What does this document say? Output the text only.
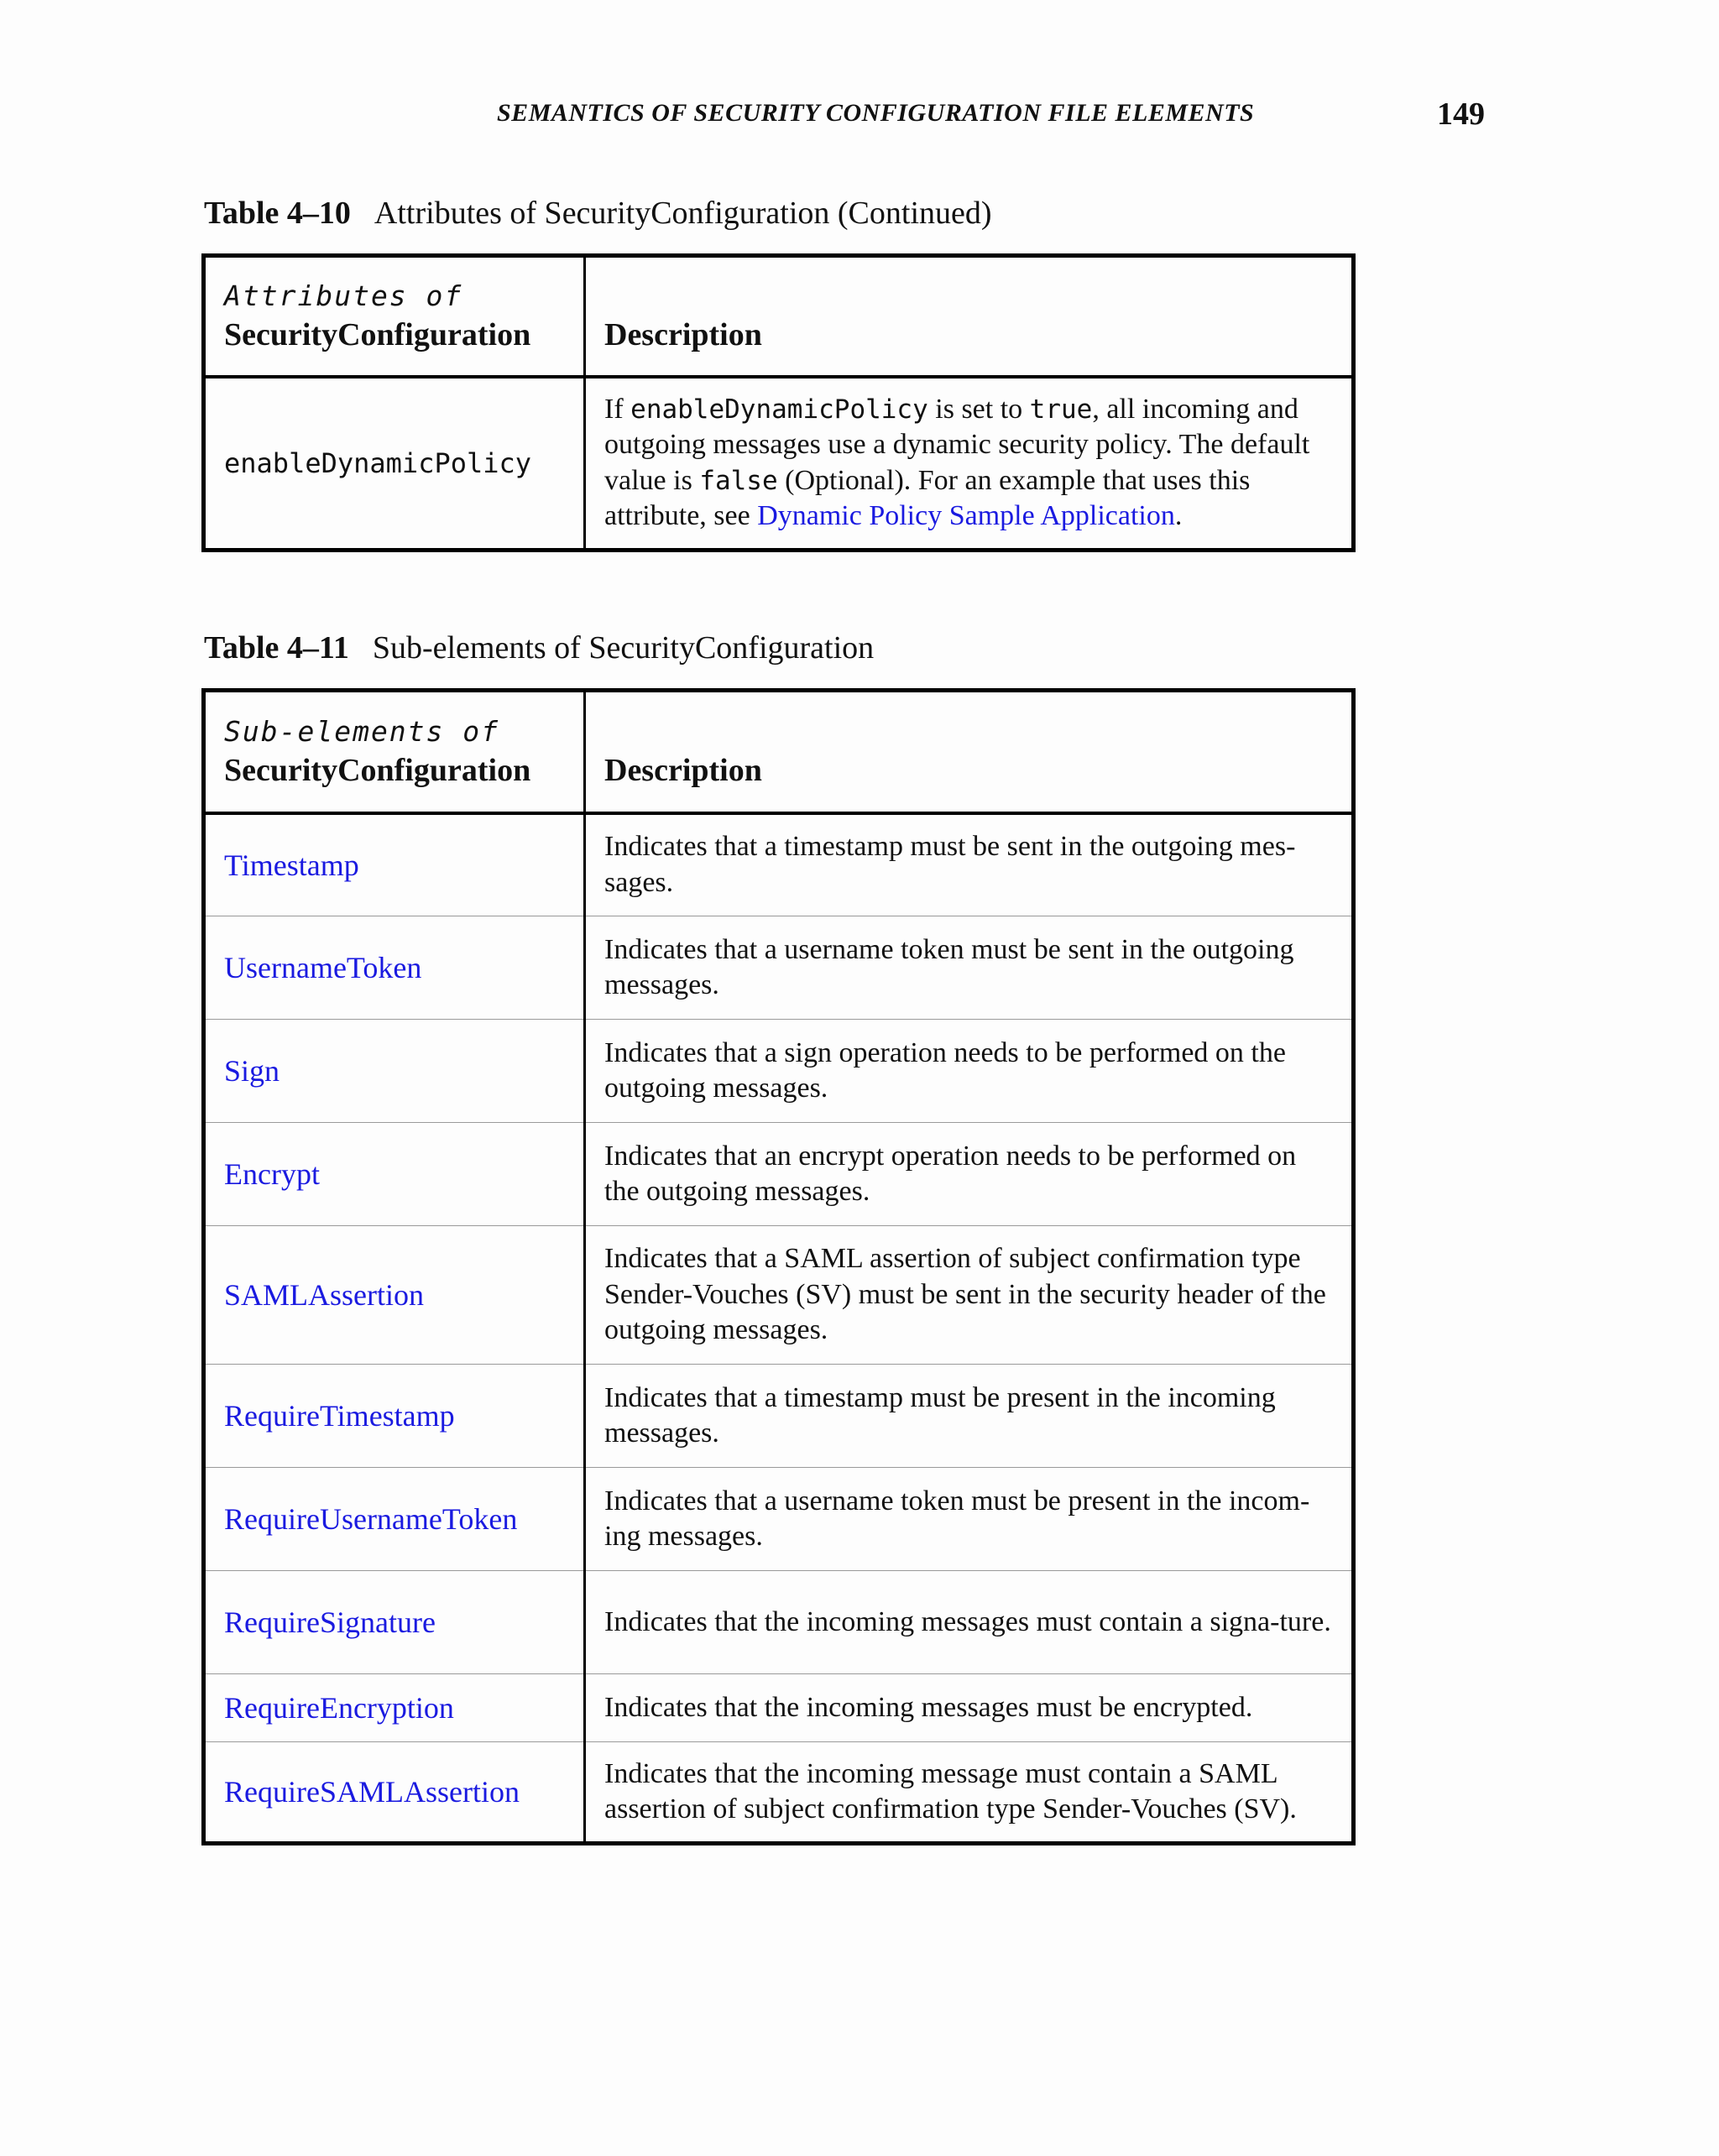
SEMANTICS OF SECURITY CONFIGURATION FILE ELEMENTS	149
Table 4–10 Attributes of SecurityConfiguration (Continued)
Attributes of
SecurityConfiguration	Description

enableDynamicPolicy	If enableDynamicPolicy is set to true, all incoming and outgoing messages use a dynamic security policy. The default value is false (Optional). For an example that uses this attribute, see Dynamic Policy Sample Application.
Table 4–11 Sub-elements of SecurityConfiguration
Sub-elements of
SecurityConfiguration	Description

Timestamp	Indicates that a timestamp must be sent in the outgoing mes-sages.
UsernameToken	Indicates that a username token must be sent in the outgoing messages.
Sign	Indicates that a sign operation needs to be performed on the outgoing messages.
Encrypt	Indicates that an encrypt operation needs to be performed on the outgoing messages.
SAMLAssertion	Indicates that a SAML assertion of subject confirmation type Sender-Vouches (SV) must be sent in the security header of the outgoing messages.
RequireTimestamp	Indicates that a timestamp must be present in the incoming messages.
RequireUsernameToken	Indicates that a username token must be present in the incom-ing messages.
RequireSignature	Indicates that the incoming messages must contain a signa-ture.
RequireEncryption	Indicates that the incoming messages must be encrypted.
RequireSAMLAssertion	Indicates that the incoming message must contain a SAML assertion of subject confirmation type Sender-Vouches (SV).
